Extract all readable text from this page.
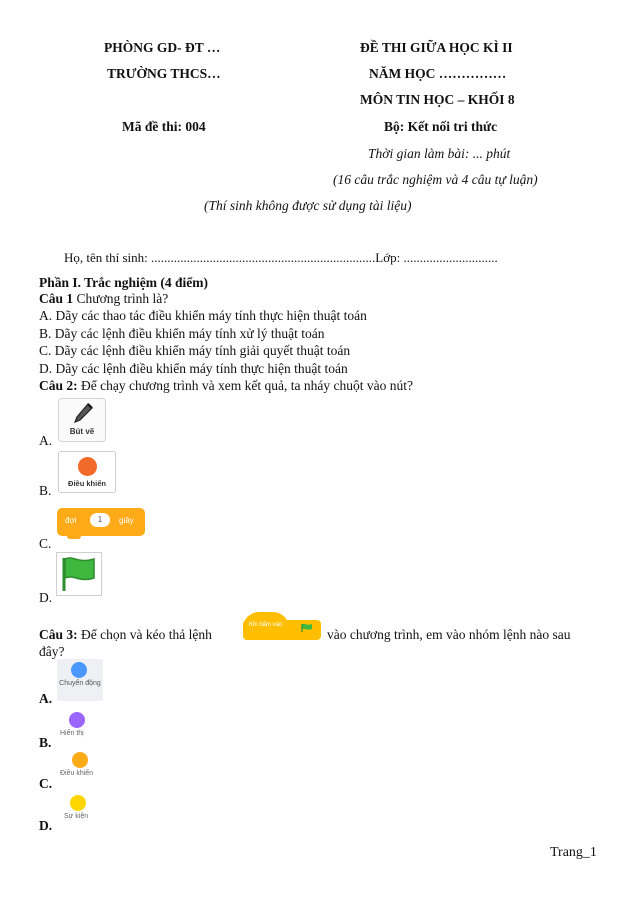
PHÒNG GD- ĐT …
TRƯỜNG THCS…
Mã đề thi: 004
ĐỀ THI GIỮA HỌC KÌ II
NĂM HỌC ……………
MÔN TIN HỌC – KHỐI 8
Bộ: Kết nối tri thức
Thời gian làm bài: ... phút
(16 câu trắc nghiệm và 4 câu tự luận)
(Thí sinh không được sử dụng tài liệu)
Họ, tên thí sinh: .....................................................................Lớp: .............................
Phần I. Trắc nghiệm (4 điểm)
Câu 1 Chương trình là?
A. Dãy các thao tác điều khiển máy tính thực hiện thuật toán
B. Dãy các lệnh điều khiển máy tính xử lý thuật toán
C. Dãy các lệnh điều khiển máy tính giải quyết thuật toán
D. Dãy các lệnh điều khiển máy tính thực hiện thuật toán
Câu 2: Để chạy chương trình và xem kết quả, ta nháy chuột vào nút?
A.
Bút vẽ
B.	Điều khiển
C.
đợi	1	giây
D.
Câu 3: Để chọn và kéo thả lệnh
Khi bấm vào
vào chương trình, em vào nhóm lệnh nào sau
đây?
A.
Chuyển động
B.
Hiển thị
C.
Điều khiển
D.
Sự kiện
Trang_1
